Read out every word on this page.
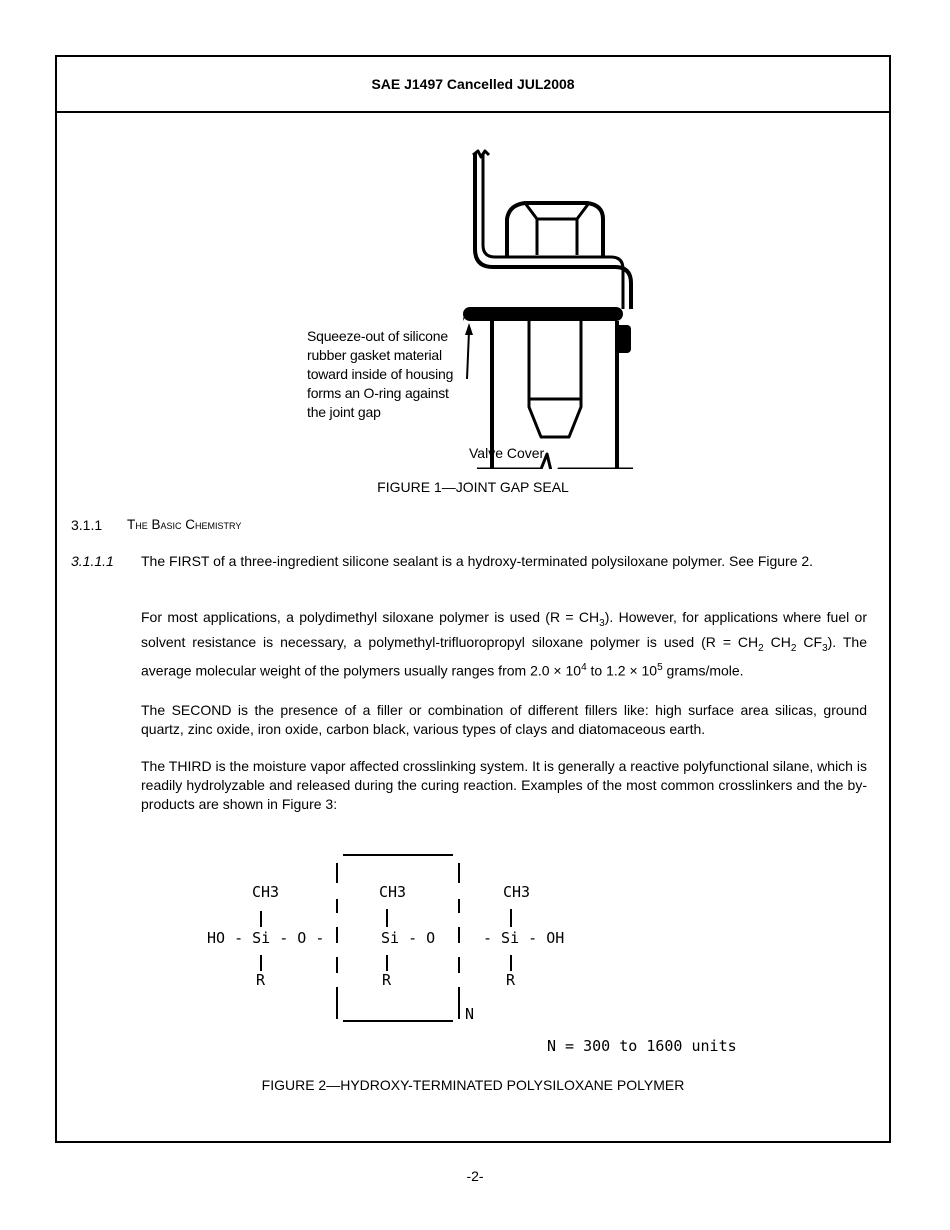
SAE J1497 Cancelled JUL2008
Squeeze-out of silicone
rubber gasket material
toward inside of housing
forms an O-ring against
the joint gap
Valve Cover
FIGURE 1—JOINT GAP SEAL
3.1.1 The Basic Chemistry
3.1.1.1 The FIRST of a three-ingredient silicone sealant is a hydroxy-terminated polysiloxane polymer. See Figure 2.
For most applications, a polydimethyl siloxane polymer is used $(R = CH_3)$. However, for applications where fuel or solvent resistance is necessary, a polymethyl-trifluoropropyl siloxane polymer is used ($R = CH_2$ $CH_2$ $CF_3$). The average molecular weight of the polymers usually ranges from $2.0 \times 10^4$ to $1.2 \times 10^5$ grams/mole.
The SECOND is the presence of a filler or combination of different fillers like: high surface area silicas, ground quartz, zinc oxide, iron oxide, carbon black, various types of clays and diatomaceous earth.
The THIRD is the moisture vapor affected crosslinking system. It is generally a reactive polyfunctional silane, which is readily hydrolyzable and released during the curing reaction. Examples of the most common crosslinkers and the by-products are shown in Figure 3:
CH3	CH3	CH3
HO - Si - O -	Si - O	- Si - OH
R	R	R
N
N = 300 to 1600 units
FIGURE 2—HYDROXY-TERMINATED POLYSILOXANE POLYMER
-2-
